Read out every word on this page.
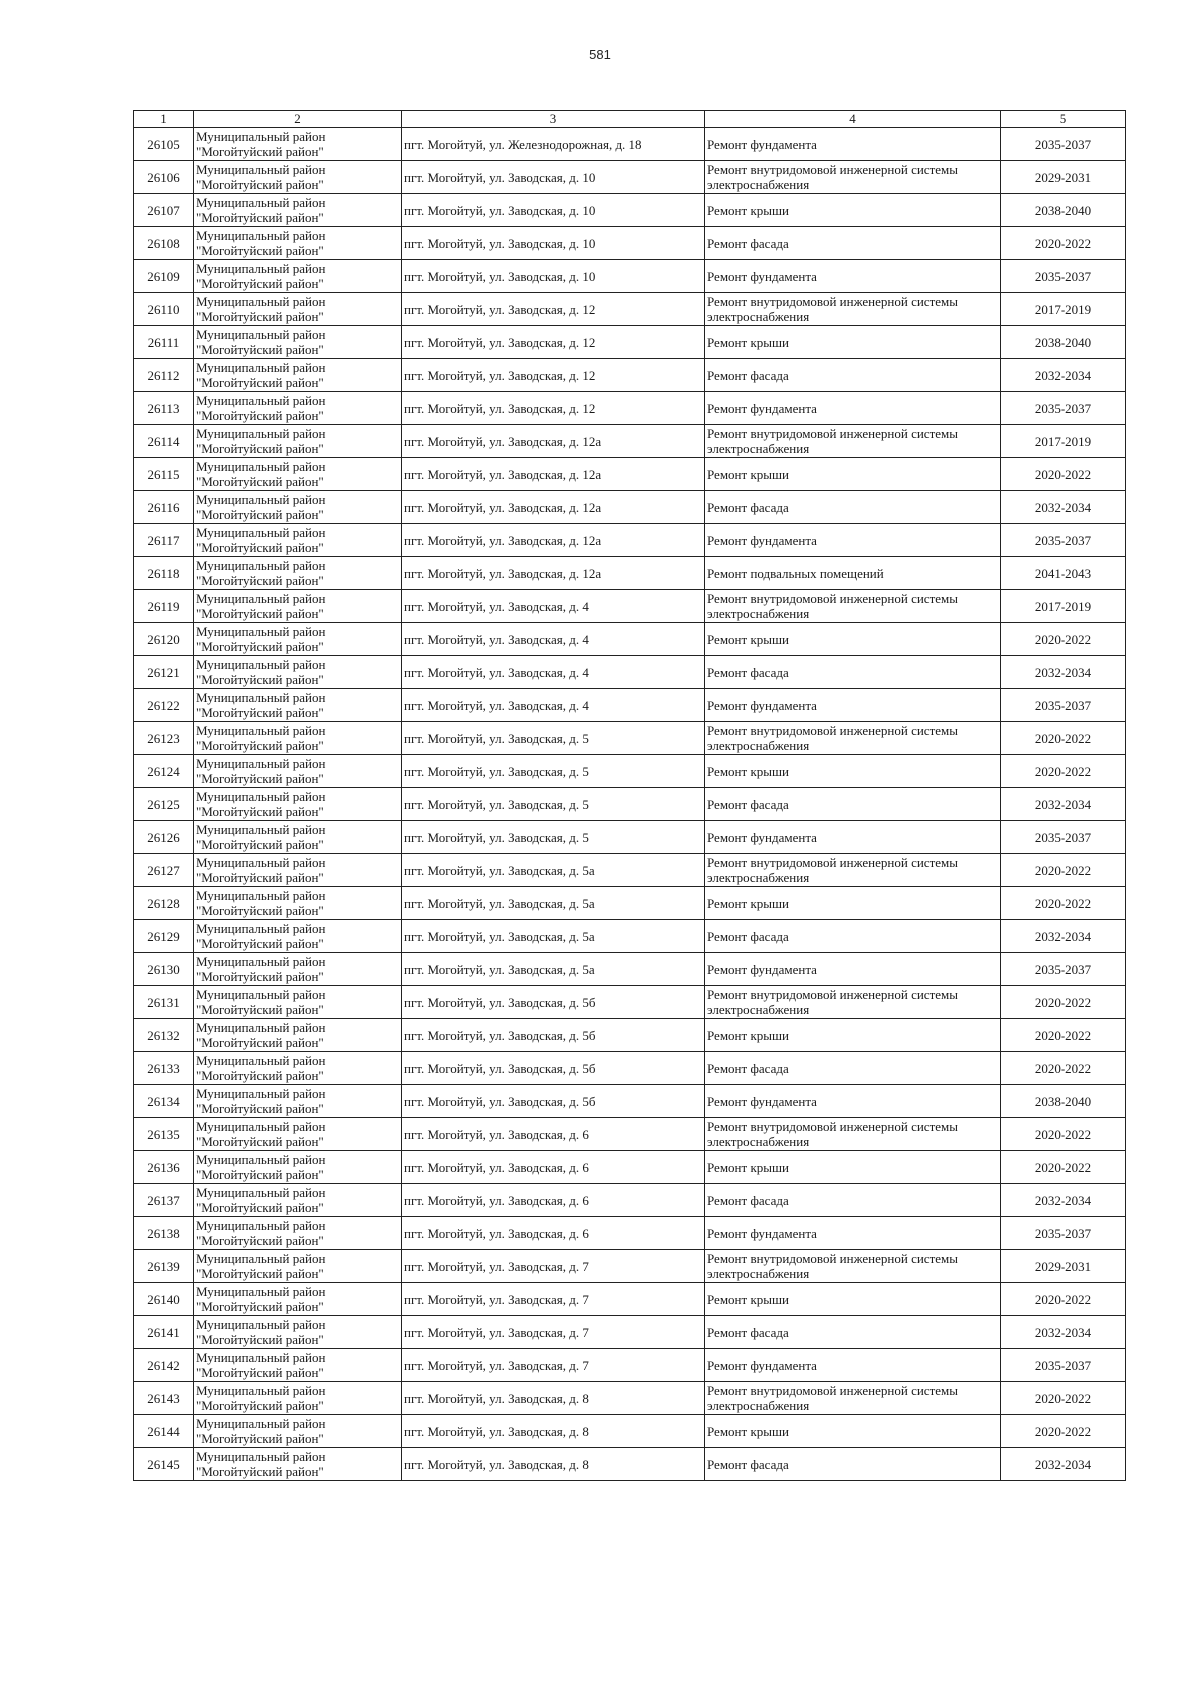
581
1	2	3	4	5
26105	Муниципальный район "Могойтуйский район"	пгт. Могойтуй, ул. Железнодорожная, д. 18	Ремонт фундамента	2035-2037
26106	Муниципальный район "Могойтуйский район"	пгт. Могойтуй, ул. Заводская, д. 10	Ремонт внутридомовой инженерной системы электроснабжения	2029-2031
26107	Муниципальный район "Могойтуйский район"	пгт. Могойтуй, ул. Заводская, д. 10	Ремонт крыши	2038-2040
26108	Муниципальный район "Могойтуйский район"	пгт. Могойтуй, ул. Заводская, д. 10	Ремонт фасада	2020-2022
26109	Муниципальный район "Могойтуйский район"	пгт. Могойтуй, ул. Заводская, д. 10	Ремонт фундамента	2035-2037
26110	Муниципальный район "Могойтуйский район"	пгт. Могойтуй, ул. Заводская, д. 12	Ремонт внутридомовой инженерной системы электроснабжения	2017-2019
26111	Муниципальный район "Могойтуйский район"	пгт. Могойтуй, ул. Заводская, д. 12	Ремонт крыши	2038-2040
26112	Муниципальный район "Могойтуйский район"	пгт. Могойтуй, ул. Заводская, д. 12	Ремонт фасада	2032-2034
26113	Муниципальный район "Могойтуйский район"	пгт. Могойтуй, ул. Заводская, д. 12	Ремонт фундамента	2035-2037
26114	Муниципальный район "Могойтуйский район"	пгт. Могойтуй, ул. Заводская, д. 12а	Ремонт внутридомовой инженерной системы электроснабжения	2017-2019
26115	Муниципальный район "Могойтуйский район"	пгт. Могойтуй, ул. Заводская, д. 12а	Ремонт крыши	2020-2022
26116	Муниципальный район "Могойтуйский район"	пгт. Могойтуй, ул. Заводская, д. 12а	Ремонт фасада	2032-2034
26117	Муниципальный район "Могойтуйский район"	пгт. Могойтуй, ул. Заводская, д. 12а	Ремонт фундамента	2035-2037
26118	Муниципальный район "Могойтуйский район"	пгт. Могойтуй, ул. Заводская, д. 12а	Ремонт подвальных помещений	2041-2043
26119	Муниципальный район "Могойтуйский район"	пгт. Могойтуй, ул. Заводская, д. 4	Ремонт внутридомовой инженерной системы электроснабжения	2017-2019
26120	Муниципальный район "Могойтуйский район"	пгт. Могойтуй, ул. Заводская, д. 4	Ремонт крыши	2020-2022
26121	Муниципальный район "Могойтуйский район"	пгт. Могойтуй, ул. Заводская, д. 4	Ремонт фасада	2032-2034
26122	Муниципальный район "Могойтуйский район"	пгт. Могойтуй, ул. Заводская, д. 4	Ремонт фундамента	2035-2037
26123	Муниципальный район "Могойтуйский район"	пгт. Могойтуй, ул. Заводская, д. 5	Ремонт внутридомовой инженерной системы электроснабжения	2020-2022
26124	Муниципальный район "Могойтуйский район"	пгт. Могойтуй, ул. Заводская, д. 5	Ремонт крыши	2020-2022
26125	Муниципальный район "Могойтуйский район"	пгт. Могойтуй, ул. Заводская, д. 5	Ремонт фасада	2032-2034
26126	Муниципальный район "Могойтуйский район"	пгт. Могойтуй, ул. Заводская, д. 5	Ремонт фундамента	2035-2037
26127	Муниципальный район "Могойтуйский район"	пгт. Могойтуй, ул. Заводская, д. 5а	Ремонт внутридомовой инженерной системы электроснабжения	2020-2022
26128	Муниципальный район "Могойтуйский район"	пгт. Могойтуй, ул. Заводская, д. 5а	Ремонт крыши	2020-2022
26129	Муниципальный район "Могойтуйский район"	пгт. Могойтуй, ул. Заводская, д. 5а	Ремонт фасада	2032-2034
26130	Муниципальный район "Могойтуйский район"	пгт. Могойтуй, ул. Заводская, д. 5а	Ремонт фундамента	2035-2037
26131	Муниципальный район "Могойтуйский район"	пгт. Могойтуй, ул. Заводская, д. 5б	Ремонт внутридомовой инженерной системы электроснабжения	2020-2022
26132	Муниципальный район "Могойтуйский район"	пгт. Могойтуй, ул. Заводская, д. 5б	Ремонт крыши	2020-2022
26133	Муниципальный район "Могойтуйский район"	пгт. Могойтуй, ул. Заводская, д. 5б	Ремонт фасада	2020-2022
26134	Муниципальный район "Могойтуйский район"	пгт. Могойтуй, ул. Заводская, д. 5б	Ремонт фундамента	2038-2040
26135	Муниципальный район "Могойтуйский район"	пгт. Могойтуй, ул. Заводская, д. 6	Ремонт внутридомовой инженерной системы электроснабжения	2020-2022
26136	Муниципальный район "Могойтуйский район"	пгт. Могойтуй, ул. Заводская, д. 6	Ремонт крыши	2020-2022
26137	Муниципальный район "Могойтуйский район"	пгт. Могойтуй, ул. Заводская, д. 6	Ремонт фасада	2032-2034
26138	Муниципальный район "Могойтуйский район"	пгт. Могойтуй, ул. Заводская, д. 6	Ремонт фундамента	2035-2037
26139	Муниципальный район "Могойтуйский район"	пгт. Могойтуй, ул. Заводская, д. 7	Ремонт внутридомовой инженерной системы электроснабжения	2029-2031
26140	Муниципальный район "Могойтуйский район"	пгт. Могойтуй, ул. Заводская, д. 7	Ремонт крыши	2020-2022
26141	Муниципальный район "Могойтуйский район"	пгт. Могойтуй, ул. Заводская, д. 7	Ремонт фасада	2032-2034
26142	Муниципальный район "Могойтуйский район"	пгт. Могойтуй, ул. Заводская, д. 7	Ремонт фундамента	2035-2037
26143	Муниципальный район "Могойтуйский район"	пгт. Могойтуй, ул. Заводская, д. 8	Ремонт внутридомовой инженерной системы электроснабжения	2020-2022
26144	Муниципальный район "Могойтуйский район"	пгт. Могойтуй, ул. Заводская, д. 8	Ремонт крыши	2020-2022
26145	Муниципальный район "Могойтуйский район"	пгт. Могойтуй, ул. Заводская, д. 8	Ремонт фасада	2032-2034
